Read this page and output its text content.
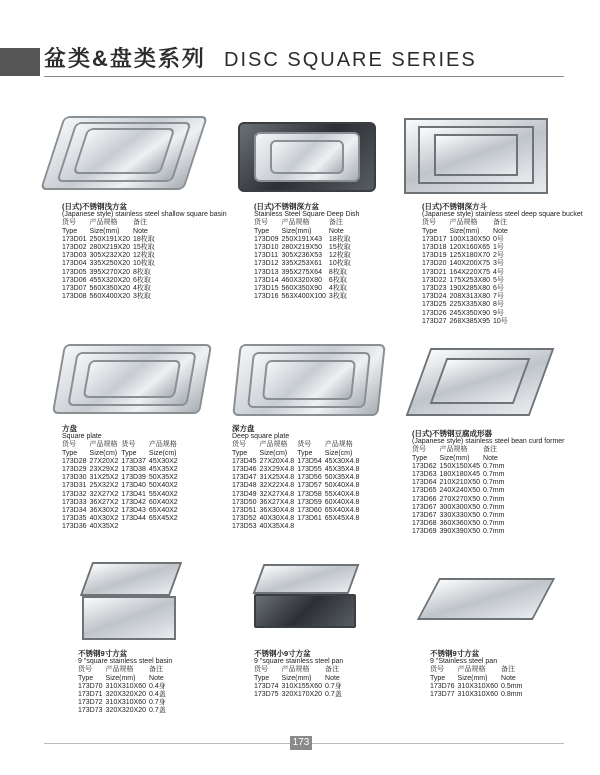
盆类&盘类系列 DISC SQUARE SERIES
(日式)不锈钢浅方盆
(Japanese style) stainless steel shallow square basin
货号	产品规格	备注
Type	Size(mm)	Note
173D01	250X191X20	18枚取
173D02	280X219X20	15枚取
173D03	305X232X20	12枚取
173D04	335X250X20	10枚取
173D05	395X270X20	8枚取
173D06	455X320X20	6枚取
173D07	560X350X20	4枚取
173D08	560X400X20	3枚取
(日式)不锈钢深方盆
Stainless Steel Square Deep Dish
货号	产品规格	备注
Type	Size(mm)	Note
173D09	250X191X43	18枚取
173D10	280X219X50	15枚取
173D11	305X236X53	12枚取
173D12	335X253X61	10枚取
173D13	395X275X64	8枚取
173D14	460X320X80	6枚取
173D15	560X350X90	4枚取
173D16	563X400X100	3枚取
(日式)不锈钢深方斗
(Japanese style) stainless steel deep square bucket
货号	产品规格	备注
Type	Size(mm)	Note
173D17	100X130X50	0号
173D18	120X160X65	1号
173D19	125X180X70	2号
173D20	140X200X75	3号
173D21	164X220X75	4号
173D22	175X253X80	5号
173D23	190X285X80	6号
173D24	208X313X80	7号
173D25	225X335X80	8号
173D26	245X350X90	9号
173D27	268X385X95	10号
方盘
Square plate
货号	产品规格	货号	产品规格
Type	Size(cm)	Type	Size(cm)
173D28	27X20X2	173D37	45X30X2
173D29	23X29X2	173D38	45X35X2
173D30	31X25X2	173D39	50X35X2
173D31	25X32X2	173D40	50X40X2
173D32	32X27X2	173D41	55X40X2
173D33	36X27X2	173D42	60X40X2
173D34	36X30X2	173D43	65X40X2
173D35	40X30X2	173D44	65X45X2
173D36	40X35X2		
深方盘
Deep square plate
货号	产品规格	货号	产品规格
Type	Size(cm)	Type	Size(cm)
173D45	27X20X4.8	173D54	45X30X4.8
173D46	23X29X4.8	173D55	45X35X4.8
173D47	31X25X4.8	173D56	50X35X4.8
173D48	32X22X4.8	173D57	50X40X4.8
173D49	32X27X4.8	173D58	55X40X4.8
173D50	36X27X4.8	173D59	60X40X4.8
173D51	36X30X4.8	173D60	65X40X4.8
173D52	40X30X4.8	173D61	65X45X4.8
173D53	40X35X4.8		
(日式)不锈钢豆腐成形器
(Japanese style) stainless steel bean curd former
货号	产品规格	备注
Type	Size(mm)	Note
173D62	150X150X45	0.7mm
173D63	180X180X45	0.7mm
173D64	210X210X50	0.7mm
173D65	240X240X50	0.7mm
173D66	270X270X50	0.7mm
173D67	300X300X50	0.7mm
173D67	330X330X50	0.7mm
173D68	360X360X50	0.7mm
173D69	390X390X50	0.7mm
不锈钢9寸方盆
9 "square stainless steel basin
货号	产品规格	备注
Type	Size(mm)	Note
173D70	310X310X60	0.4身
173D71	320X320X20	0.4盖
173D72	310X310X60	0.7身
173D73	320X320X20	0.7盖
不锈钢小9寸方盆
9 "square stainless steel pan
货号	产品规格	备注
Type	Size(mm)	Note
173D74	310X155X60	0.7身
173D75	320X170X20	0.7盖
不锈钢9寸方盆
9 "Stainless steel pan
货号	产品规格	备注
Type	Size(mm)	Note
173D76	310X310X60	0.5mm
173D77	310X310X60	0.8mm
173
